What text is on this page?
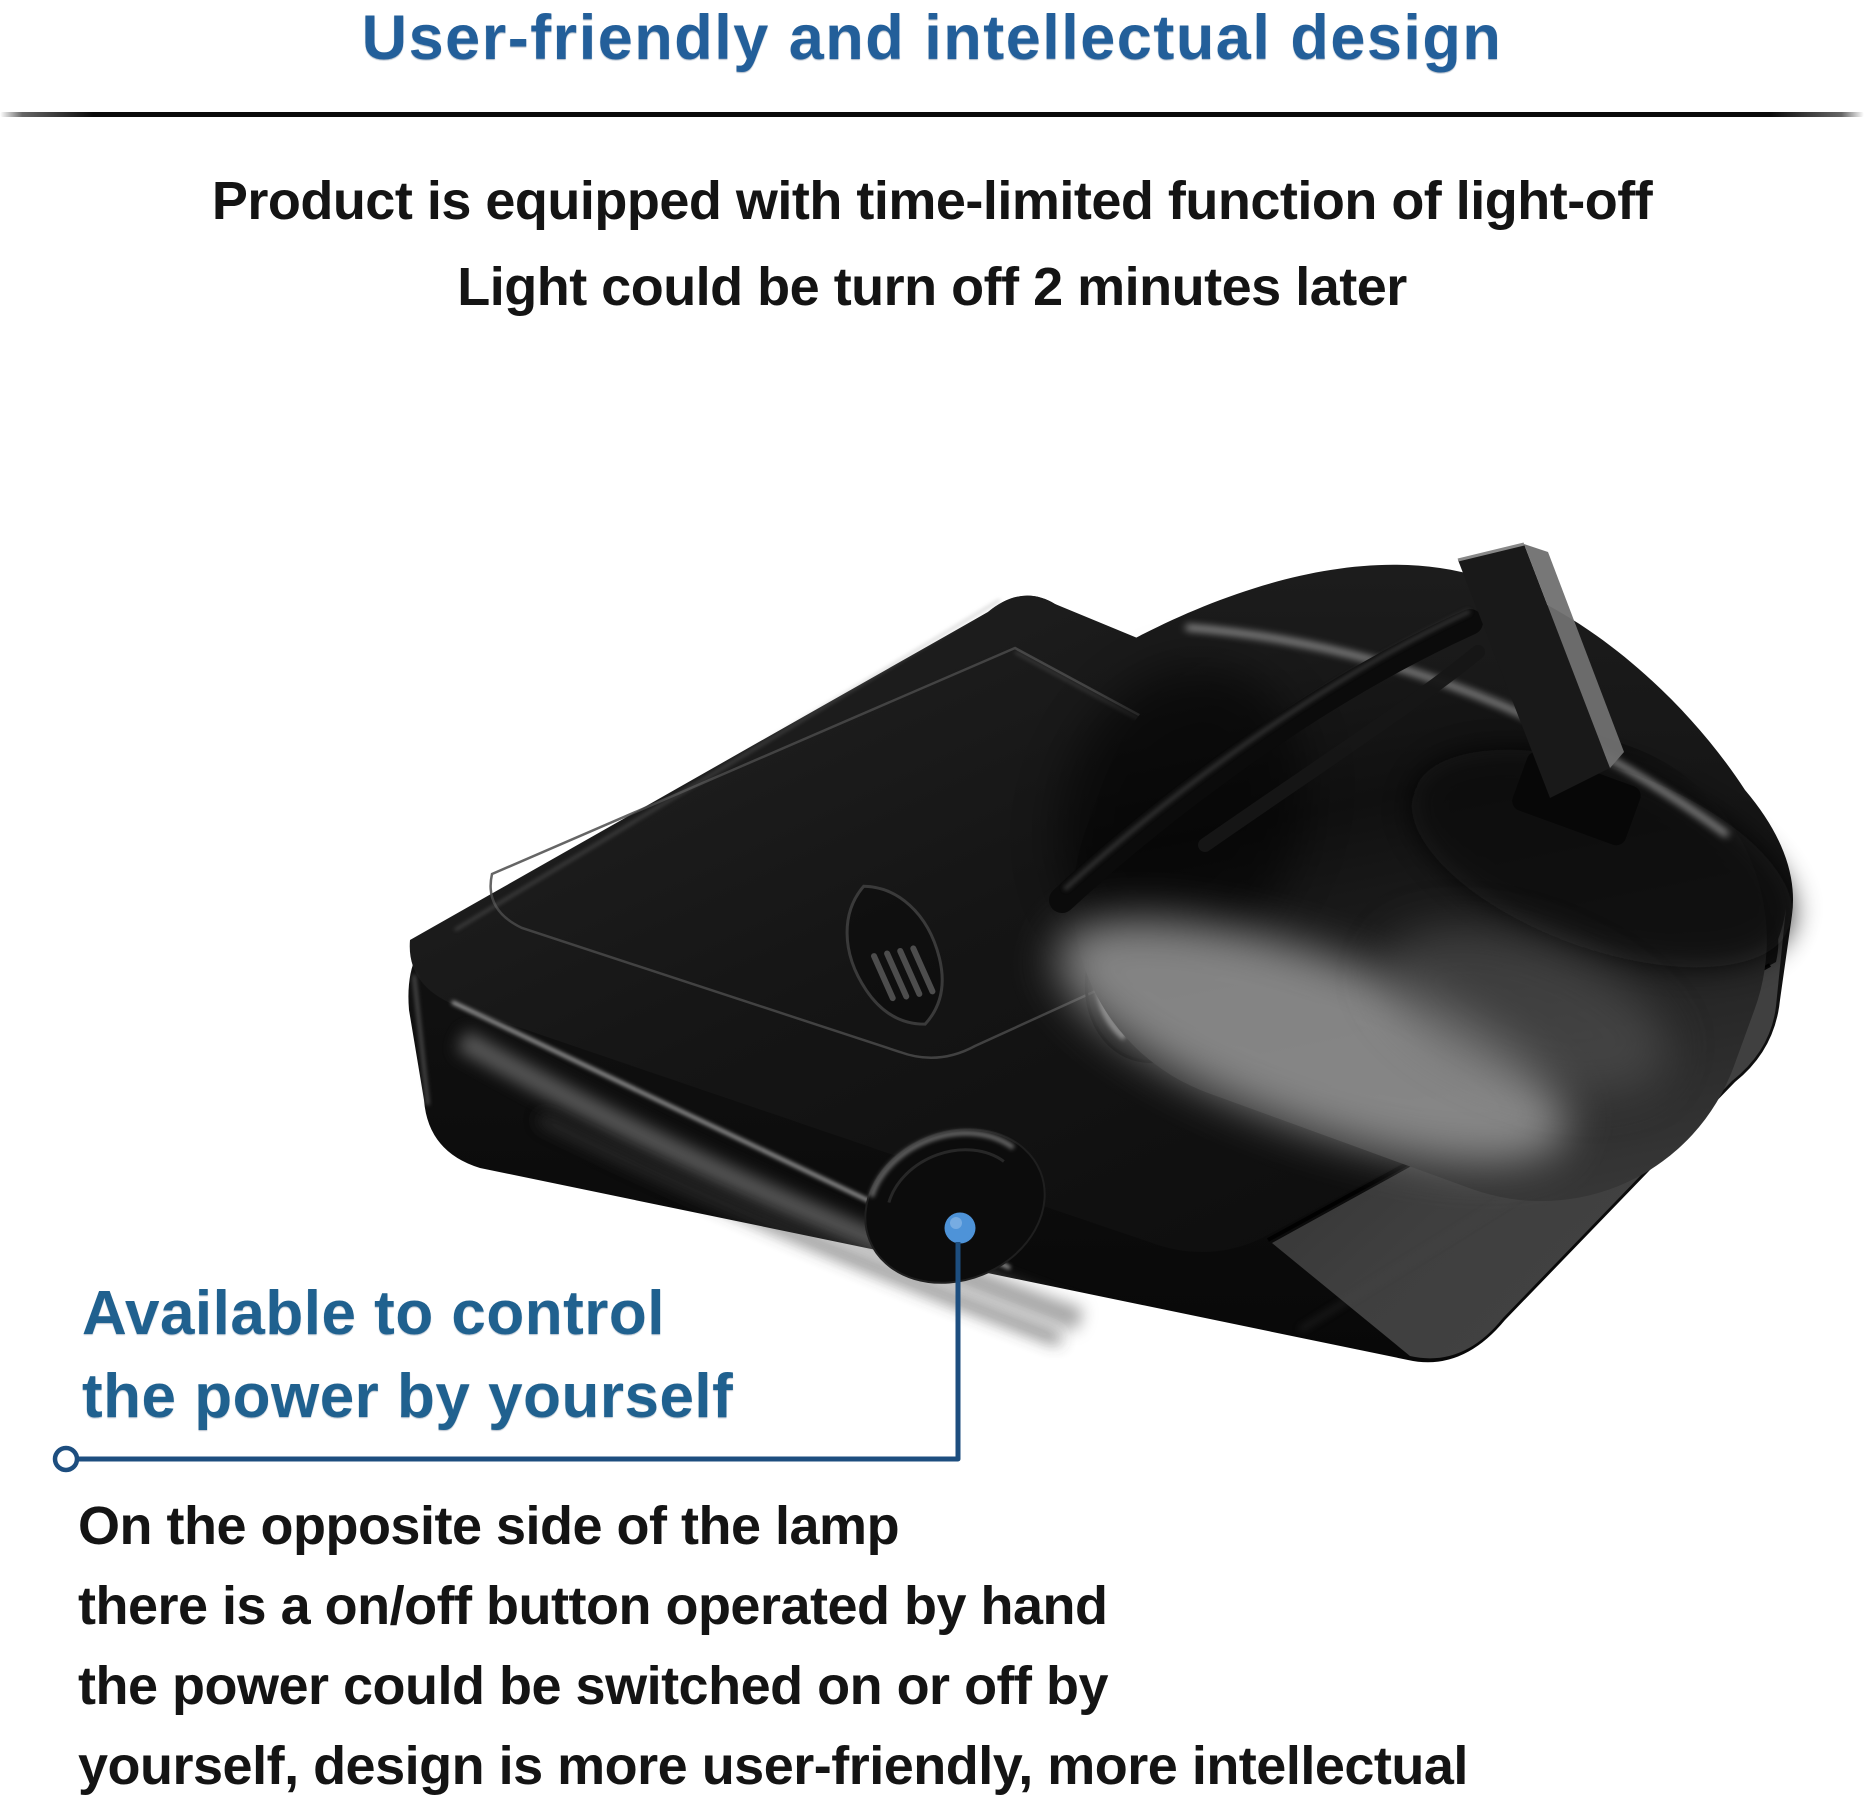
User-friendly and intellectual design
Product is equipped with time-limited function of light-off
Light could be turn off 2 minutes later
Available to control
the power by yourself
On the opposite side of the lamp
there is a on/off button operated by hand
the power could be switched on or off by
yourself, design is more user-friendly, more intellectual
